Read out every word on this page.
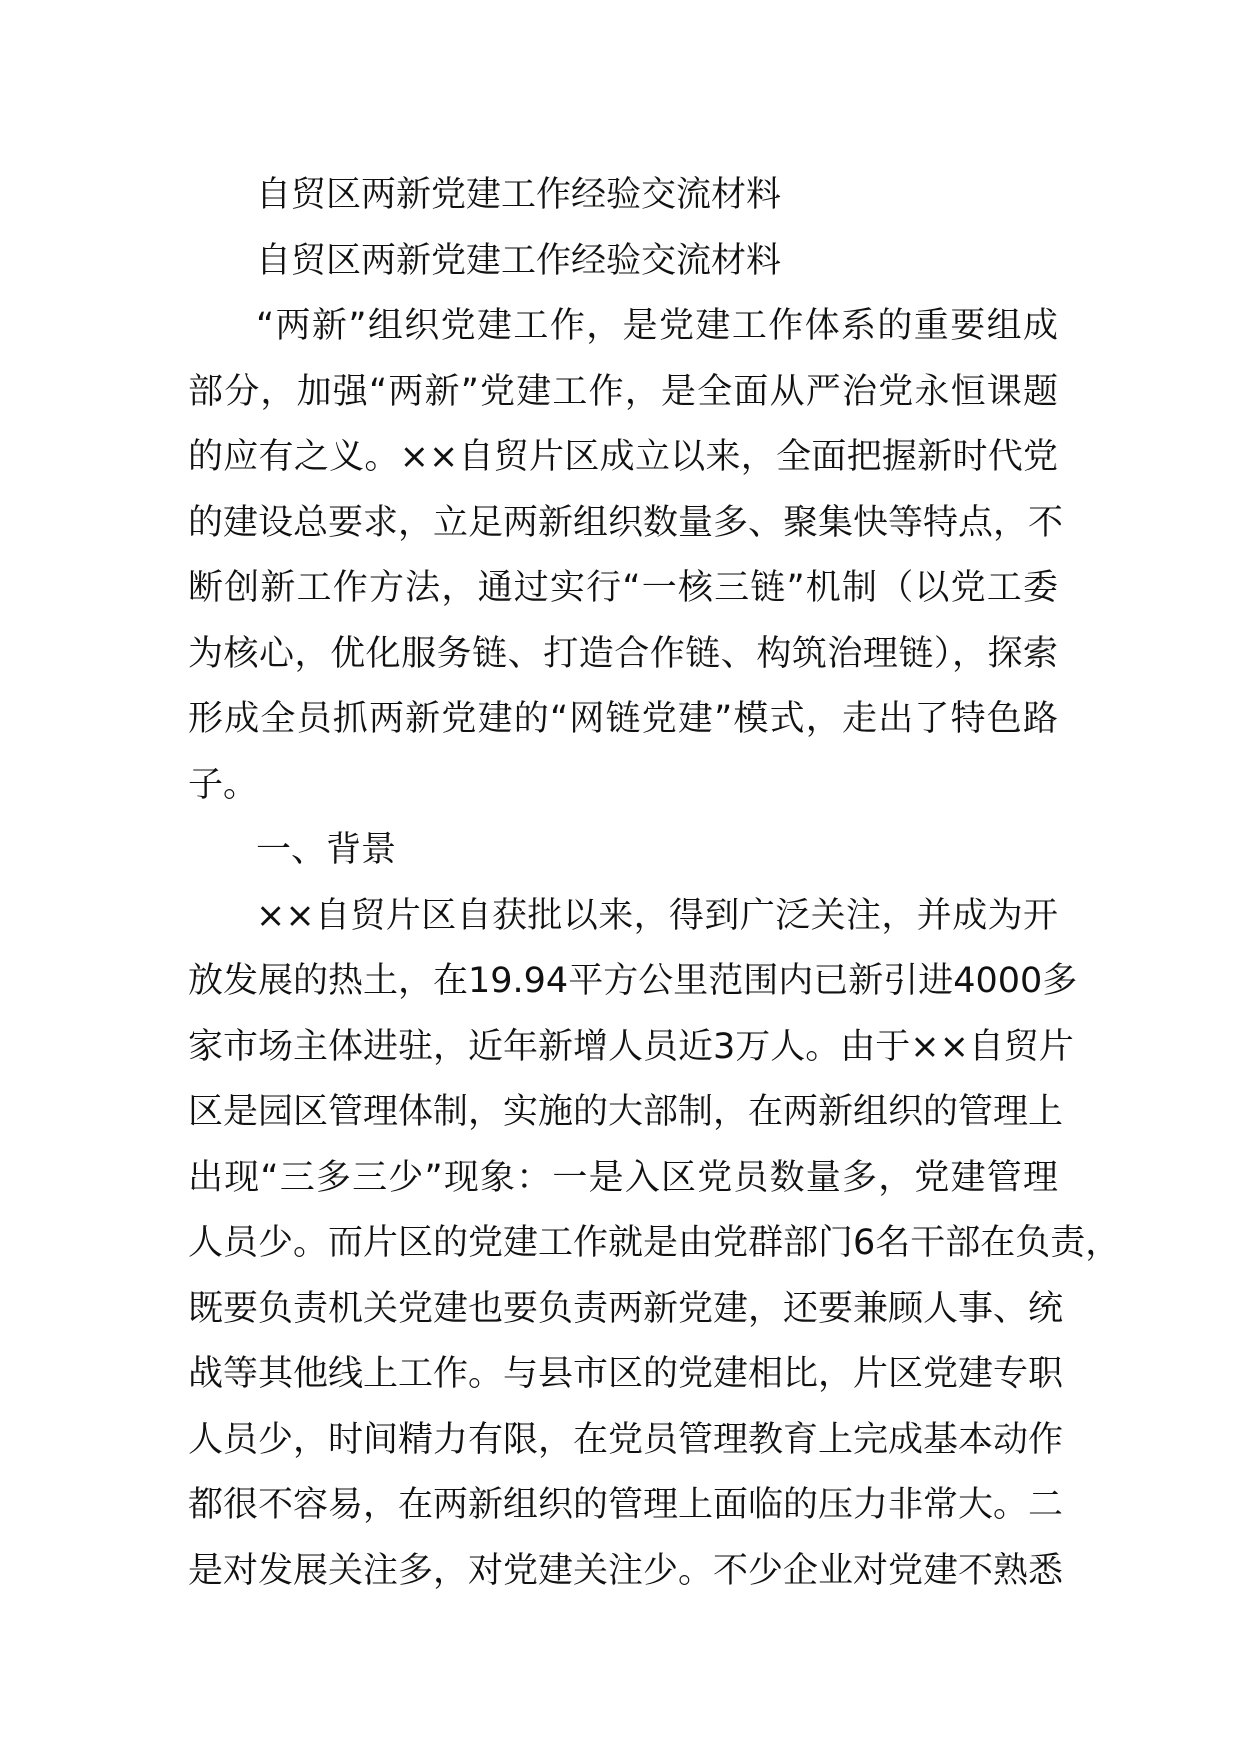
自贸区两新党建工作经验交流材料
自贸区两新党建工作经验交流材料
“两新”组织党建工作，是党建工作体系的重要组成
部分，加强“两新”党建工作，是全面从严治党永恒课题
的应有之义。××自贸片区成立以来，全面把握新时代党
的建设总要求，立足两新组织数量多、聚集快等特点，不
断创新工作方法，通过实行“一核三链”机制（以党工委
为核心，优化服务链、打造合作链、构筑治理链），探索
形成全员抓两新党建的“网链党建”模式，走出了特色路
子。
一、背景
××自贸片区自获批以来，得到广泛关注，并成为开
放发展的热土，在19.94平方公里范围内已新引进4000多
家市场主体进驻，近年新增人员近3万人。由于××自贸片
区是园区管理体制，实施的大部制，在两新组织的管理上
出现“三多三少”现象：一是入区党员数量多，党建管理
人员少。而片区的党建工作就是由党群部门6名干部在负责，
既要负责机关党建也要负责两新党建，还要兼顾人事、统
战等其他线上工作。与县市区的党建相比，片区党建专职
人员少，时间精力有限，在党员管理教育上完成基本动作
都很不容易，在两新组织的管理上面临的压力非常大。二
是对发展关注多，对党建关注少。不少企业对党建不熟悉
